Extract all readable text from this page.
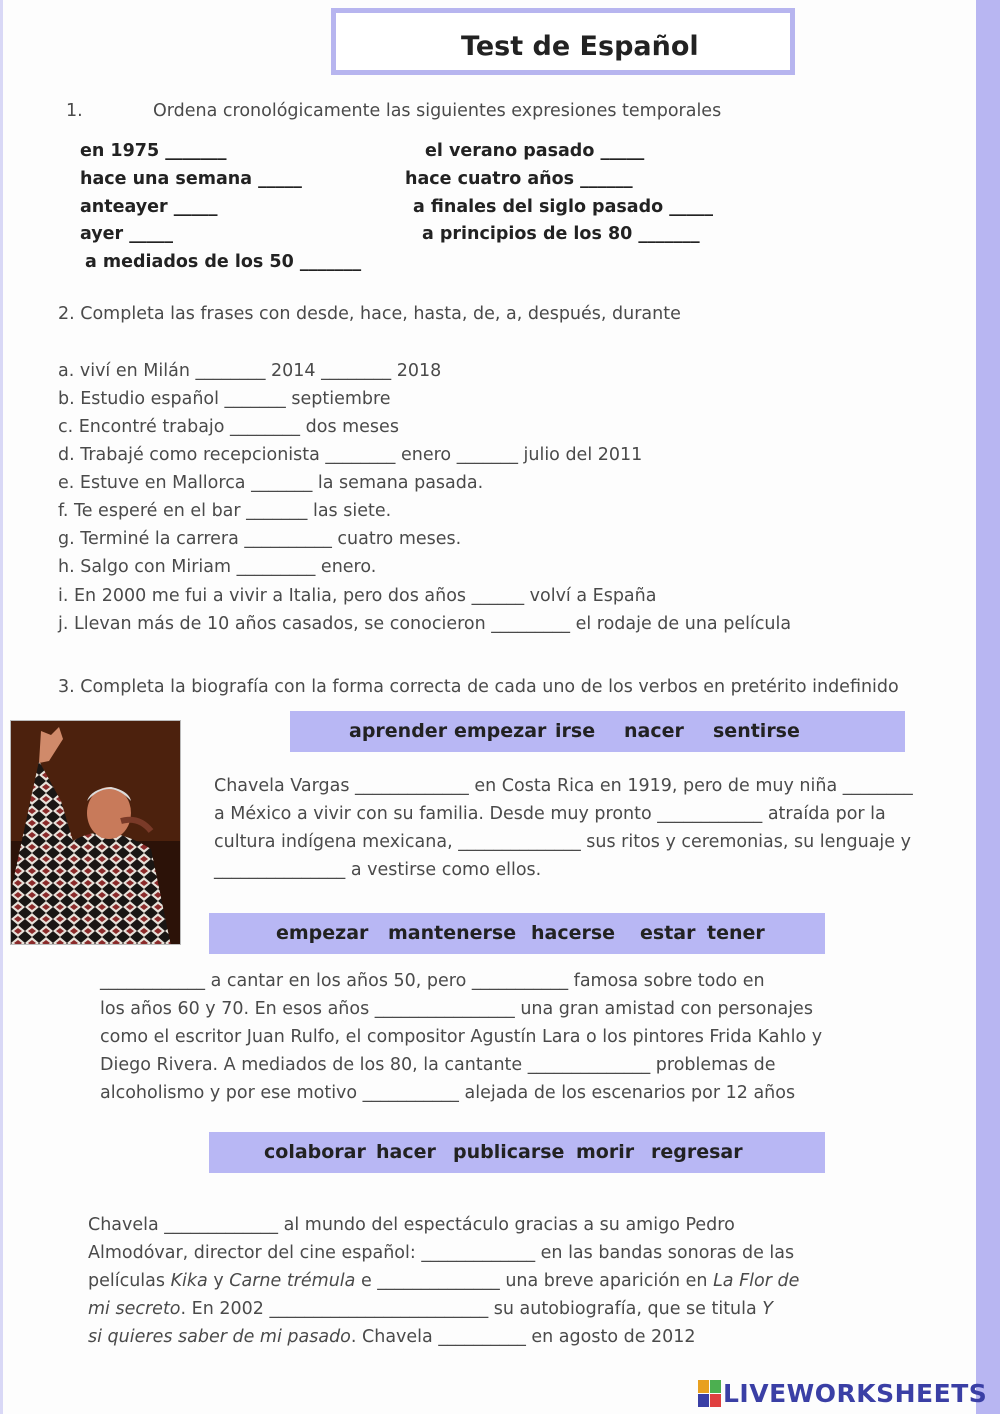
Test de Español
1.	Ordena cronológicamente las siguientes expresiones temporales
en 1975 _______
hace una semana _____
anteayer _____
ayer _____
a mediados de los 50 _______
el verano pasado _____
hace cuatro años ______
a finales del siglo pasado _____
a principios de los 80 _______
2. Completa las frases con desde, hace, hasta, de, a, después, durante
a. viví en Milán ________ 2014 ________ 2018
b. Estudio español _______ septiembre
c. Encontré trabajo ________ dos meses
d. Trabajé como recepcionista ________ enero _______ julio del 2011
e. Estuve en Mallorca _______ la semana pasada.
f. Te esperé en el bar _______ las siete.
g. Terminé la carrera __________ cuatro meses.
h. Salgo con Miriam _________ enero.
i. En 2000 me fui a vivir a Italia, pero dos años ______ volví a España
j. Llevan más de 10 años casados, se conocieron _________ el rodaje de una película
3. Completa la biografía con la forma correcta de cada uno de los verbos en pretérito indefinido
aprender empezar irse nacer sentirse
Chavela Vargas _____________ en Costa Rica en 1919, pero de muy niña ________
a México a vivir con su familia. Desde muy pronto ____________ atraída por la
cultura indígena mexicana, ______________ sus ritos y ceremonias, su lenguaje y
_______________ a vestirse como ellos.
empezar mantenerse hacerse estar tener
____________ a cantar en los años 50, pero ___________ famosa sobre todo en
los años 60 y 70. En esos años ________________ una gran amistad con personajes
como el escritor Juan Rulfo, el compositor Agustín Lara o los pintores Frida Kahlo y
Diego Rivera. A mediados de los 80, la cantante ______________ problemas de
alcoholismo y por ese motivo ___________ alejada de los escenarios por 12 años
colaborar hacer publicarse morir regresar
Chavela _____________ al mundo del espectáculo gracias a su amigo Pedro
Almodóvar, director del cine español: _____________ en las bandas sonoras de las
películas Kika y Carne trémula e ______________ una breve aparición en La Flor de
mi secreto. En 2002 _________________________ su autobiografía, que se titula Y
si quieres saber de mi pasado. Chavela __________ en agosto de 2012
LIVEWORKSHEETS
